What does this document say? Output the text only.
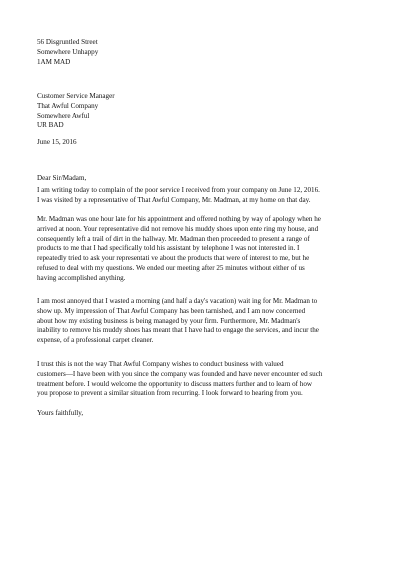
56 Disgruntled Street
Somewhere Unhappy
1AM MAD
Customer Service Manager
That Awful Company
Somewhere Awful
UR BAD
June 15, 2016
Dear Sir/Madam,
I am writing today to complain of the poor service I received from your company on June 12, 2016.
I was visited by a representative of That Awful Company, Mr. Madman, at my home on that day.
Mr. Madman was one hour late for his appointment and offered nothing by way of apology when he
arrived at noon. Your representative did not remove his muddy shoes upon ente ring my house, and
consequently left a trail of dirt in the hallway. Mr. Madman then proceeded to present a range of
products to me that I had specifically told his assistant by telephone I was not interested in. I
repeatedly tried to ask your representati ve about the products that were of interest to me, but he
refused to deal with my questions. We ended our meeting after 25 minutes without either of us
having accomplished anything.
I am most annoyed that I wasted a morning (and half a day's vacation) wait ing for Mr. Madman to
show up. My impression of That Awful Company has been tarnished, and I am now concerned
about how my existing business is being managed by your firm. Furthermore, Mr. Madman's
inability to remove his muddy shoes has meant that I have had to engage the services, and incur the
expense, of a professional carpet cleaner.
I trust this is not the way That Awful Company wishes to conduct business with valued
customers—I have been with you since the company was founded and have never encounter ed such
treatment before. I would welcome the opportunity to discuss matters further and to learn of how
you propose to prevent a similar situation from recurring. I look forward to hearing from you.
Yours faithfully,
